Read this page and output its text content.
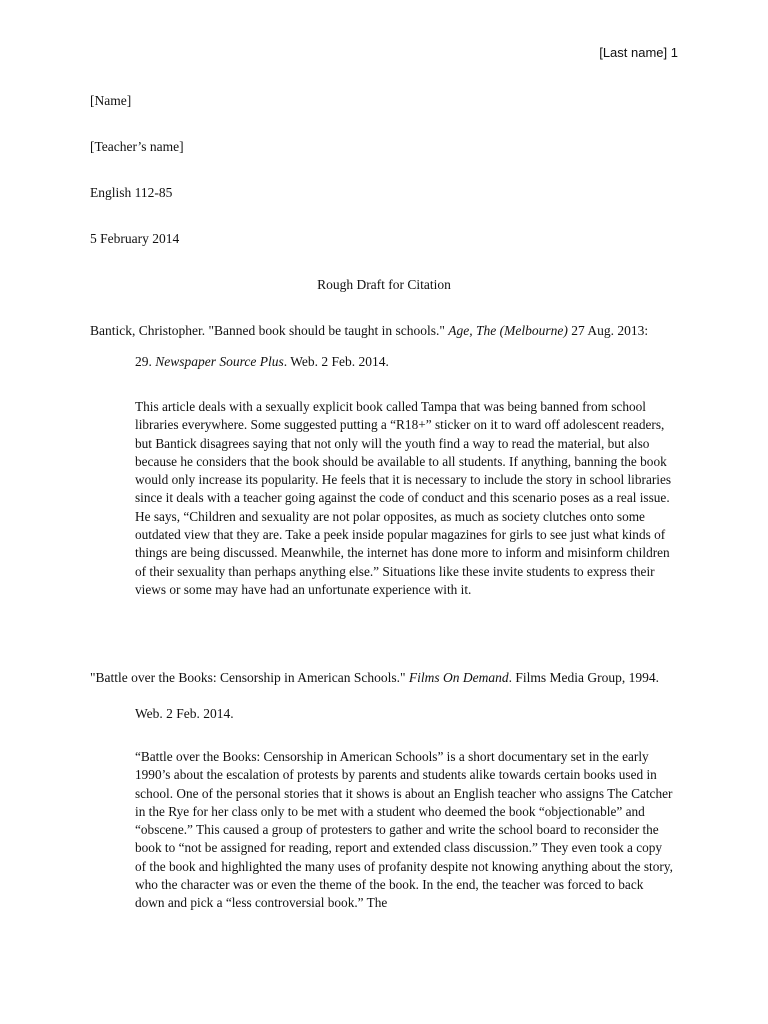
[Last name] 1
[Name]
[Teacher’s name]
English 112-85
5 February 2014
Rough Draft for Citation
Bantick, Christopher. "Banned book should be taught in schools." Age, The (Melbourne) 27 Aug. 2013:
29. Newspaper Source Plus. Web. 2 Feb. 2014.

This article deals with a sexually explicit book called Tampa that was being banned from school libraries everywhere. Some suggested putting a “R18+” sticker on it to ward off adolescent readers, but Bantick disagrees saying that not only will the youth find a way to read the material, but also because he considers that the book should be available to all students. If anything, banning the book would only increase its popularity. He feels that it is necessary to include the story in school libraries since it deals with a teacher going against the code of conduct and this scenario poses as a real issue. He says, “Children and sexuality are not polar opposites, as much as society clutches onto some outdated view that they are. Take a peek inside popular magazines for girls to see just what kinds of things are being discussed. Meanwhile, the internet has done more to inform and misinform children of their sexuality than perhaps anything else.” Situations like these invite students to express their views or some may have had an unfortunate experience with it.

"Battle over the Books: Censorship in American Schools." Films On Demand. Films Media Group, 1994.
Web. 2 Feb. 2014.

“Battle over the Books: Censorship in American Schools” is a short documentary set in the early 1990’s about the escalation of protests by parents and students alike towards certain books used in school. One of the personal stories that it shows is about an English teacher who assigns The Catcher in the Rye for her class only to be met with a student who deemed the book “objectionable” and “obscene.” This caused a group of protesters to gather and write the school board to reconsider the book to “not be assigned for reading, report and extended class discussion.” They even took a copy of the book and highlighted the many uses of profanity despite not knowing anything about the story, who the character was or even the theme of the book. In the end, the teacher was forced to back down and pick a “less controversial book.” The
